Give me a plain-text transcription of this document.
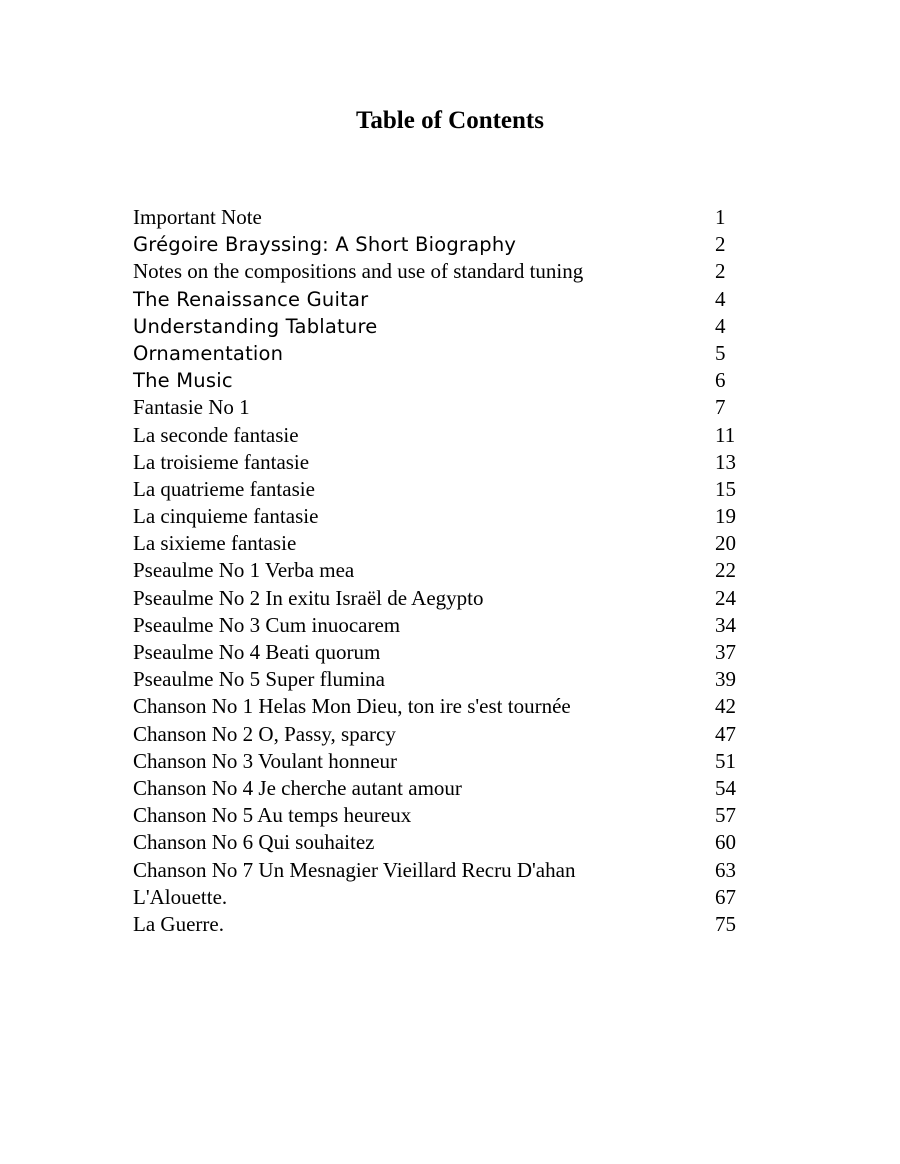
Table of Contents
Important Note	1
Grégoire Brayssing: A Short Biography	2
Notes on the compositions and use of standard tuning	2
The Renaissance Guitar	4
Understanding Tablature	4
Ornamentation	5
The Music	6
Fantasie No 1	7
La seconde fantasie	11
La troisieme fantasie	13
La quatrieme fantasie	15
La cinquieme fantasie	19
La sixieme fantasie	20
Pseaulme No 1 Verba mea	22
Pseaulme No 2 In exitu Israël de Aegypto	24
Pseaulme No 3 Cum inuocarem	34
Pseaulme No 4 Beati quorum	37
Pseaulme No 5 Super flumina	39
Chanson No 1 Helas Mon Dieu, ton ire s'est tournée	42
Chanson No 2 O, Passy, sparcy	47
Chanson No 3 Voulant honneur	51
Chanson No 4 Je cherche autant amour	54
Chanson No 5 Au temps heureux	57
Chanson No 6 Qui souhaitez	60
Chanson No 7 Un Mesnagier Vieillard Recru D'ahan	63
L'Alouette.	67
La Guerre.	75
